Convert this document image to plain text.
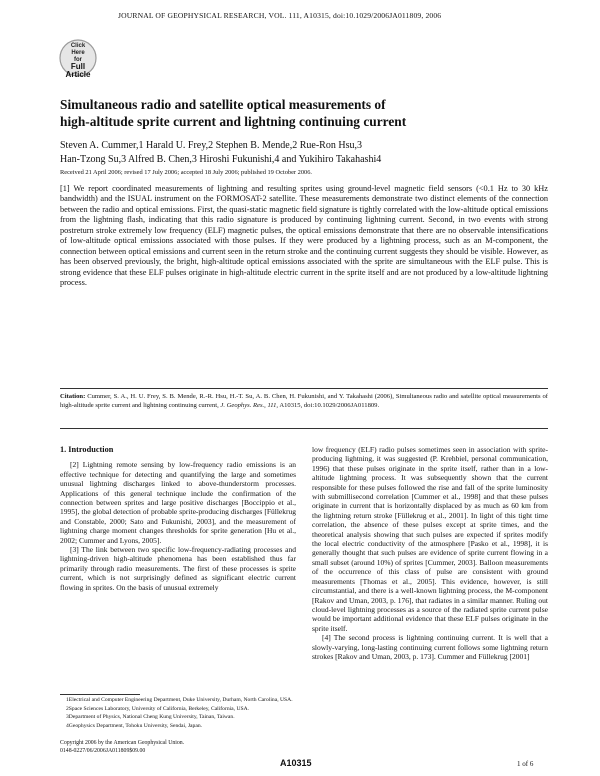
Click
Here
for
Full
Article
JOURNAL OF GEOPHYSICAL RESEARCH, VOL. 111, A10315, doi:10.1029/2006JA011809, 2006
Simultaneous radio and satellite optical measurements of
high-altitude sprite current and lightning continuing current
Steven A. Cummer,1 Harald U. Frey,2 Stephen B. Mende,2 Rue-Ron Hsu,3
Han-Tzong Su,3 Alfred B. Chen,3 Hiroshi Fukunishi,4 and Yukihiro Takahashi4
Received 21 April 2006; revised 17 July 2006; accepted 18 July 2006; published 19 October 2006.
[1] We report coordinated measurements of lightning and resulting sprites using ground-level magnetic field sensors (<0.1 Hz to 30 kHz bandwidth) and the ISUAL instrument on the FORMOSAT-2 satellite. These measurements demonstrate two distinct elements of the connection between the radio and optical emissions. First, the quasi-static magnetic field signature is tightly correlated with the low-altitude optical emissions from the lightning flash, indicating that this radio signature is produced by continuing lightning current. Second, in two events with strong postreturn stroke extremely low frequency (ELF) magnetic pulses, the optical emissions demonstrate that there are no observable intensifications of low-altitude optical emissions associated with those pulses. If they were produced by a lightning process, such as an M-component, the connection between optical emissions and current seen in the return stroke and the continuing current suggests they should be visible. However, as has been observed previously, the bright, high-altitude optical emissions associated with the sprite are simultaneous with the ELF pulse. This is strong evidence that these ELF pulses originate in high-altitude electric current in the sprite itself and are not produced by a low-altitude lightning process.
Citation: Cummer, S. A., H. U. Frey, S. B. Mende, R.-R. Hsu, H.-T. Su, A. B. Chen, H. Fukunishi, and Y. Takahashi (2006), Simultaneous radio and satellite optical measurements of high-altitude sprite current and lightning continuing current, J. Geophys. Res., 111, A10315, doi:10.1029/2006JA011809.
1. Introduction

[2] Lightning remote sensing by low-frequency radio emissions is an effective technique for detecting and quantifying the large and sometimes unusual lightning discharges linked to above-thunderstorm processes. Applications of this general technique include the confirmation of the connection between sprites and large positive discharges [Boccippio et al., 1995], the global detection of probable sprite-producing discharges [Füllekrug and Constable, 2000; Sato and Fukunishi, 2003], and the measurement of lightning charge moment changes thresholds for sprite generation [Hu et al., 2002; Cummer and Lyons, 2005].

[3] The link between two specific low-frequency-radiating processes and lightning-driven high-altitude phenomena has been established thus far primarily through radio measurements. The first of these processes is sprite current, which is not surprisingly defined as significant electric current flowing in sprites. On the basis of unusual extremely

low frequency (ELF) radio pulses sometimes seen in association with sprite-producing lightning, it was suggested (P. Krehbiel, personal communication, 1996) that these pulses originate in the sprite itself, rather than in a low-altitude lightning process. It was subsequently shown that the current responsible for these pulses followed the rise and fall of the sprite luminosity with submillisecond correlation [Cummer et al., 1998] and that these pulses originate in current that is horizontally displaced by as much as 60 km from the lightning return stroke [Füllekrug et al., 2001]. In light of this tight time correlation, the absence of these pulses except at sprite times, and the theoretical analysis showing that such pulses are expected if sprites modify the local electric conductivity of the atmosphere [Pasko et al., 1998], it is generally thought that such pulses are evidence of sprite current flowing in a small subset (around 10%) of sprites [Cummer, 2003]. Balloon measurements of the occurrence of this class of pulse are consistent with ground measurements [Thomas et al., 2005]. This evidence, however, is still circumstantial, and there is a well-known lightning process, the M-component [Rakov and Uman, 2003, p. 176], that radiates in a similar manner. Ruling out cloud-level lightning processes as a source of the radiated sprite current pulse would be important additional evidence that these ELF pulses originate in the sprite itself.

[4] The second process is lightning continuing current. It is well that a slowly-varying, long-lasting continuing current follows some lightning return strokes [Rakov and Uman, 2003, p. 173]. Cummer and Füllekrug [2001]

1Electrical and Computer Engineering Department, Duke University, Durham, North Carolina, USA.

2Space Sciences Laboratory, University of California, Berkeley, California, USA.

3Department of Physics, National Cheng Kung University, Tainan, Taiwan.

4Geophysics Department, Tohoku University, Sendai, Japan.

Copyright 2006 by the American Geophysical Union.
0148-0227/06/2006JA011809$09.00
A10315	1 of 6
